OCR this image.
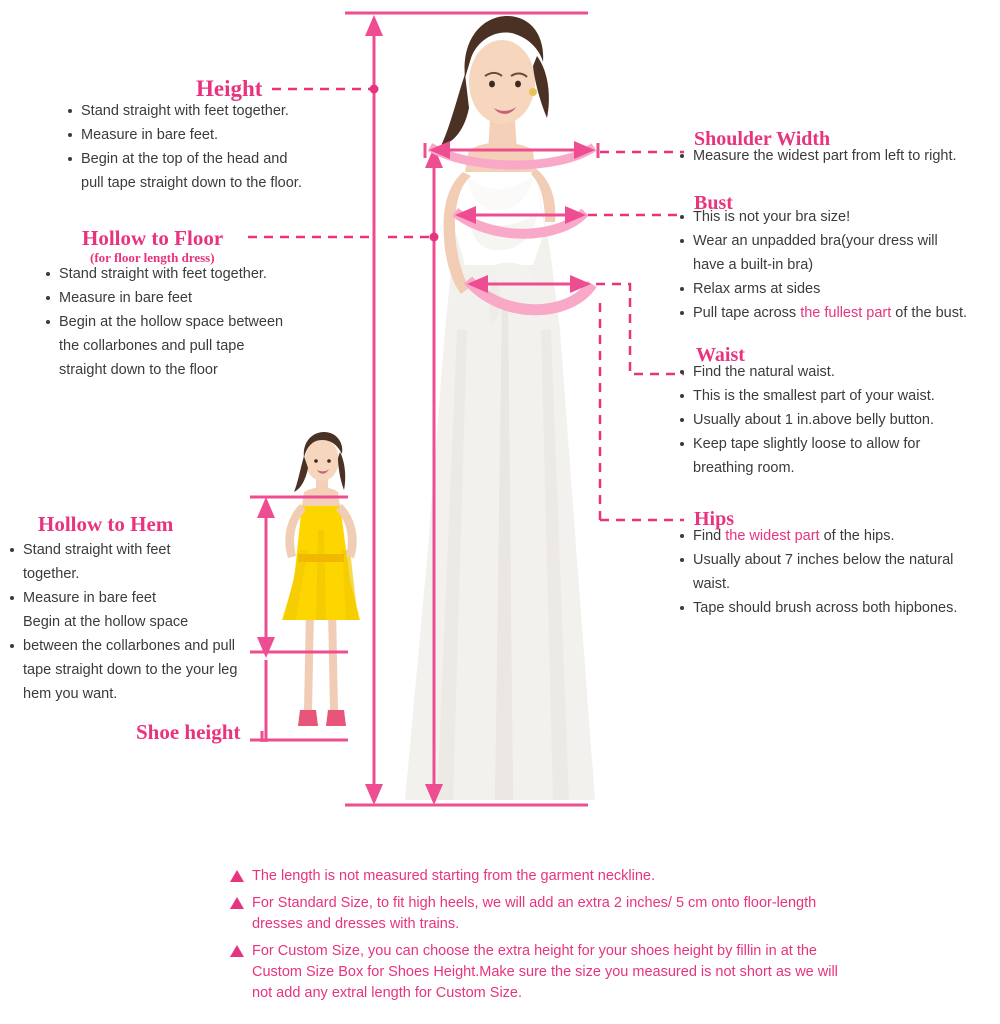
Height
Stand straight with feet together.
Measure in bare feet.
Begin at the top of the head and
pull tape straight down to the floor.
Hollow to Floor
(for floor length dress)
Stand straight with feet together.
Measure in bare feet
Begin at the hollow space between
the collarbones and pull tape
straight down to the floor
Hollow to Hem
Stand straight with feet
together.
Measure in bare feet
Begin at the hollow space
between the collarbones and pull
tape straight down to the your leg
hem you want.
Shoe height
Shoulder Width
Measure the widest part from left to right.
Bust
This is not your bra size!
Wear an unpadded bra(your dress will
have a built-in bra)
Relax arms at sides
Pull tape across the fullest part of the bust.
Waist
Find the natural waist.
This is the smallest part of your waist.
Usually about 1 in.above belly button.
Keep tape slightly loose to allow for
breathing room.
Hips
Find the widest part of the hips.
Usually about 7 inches below the natural
waist.
Tape should brush across both hipbones.
The length is not measured starting from the garment neckline.
For Standard Size, to fit high heels, we will add an extra 2 inches/ 5 cm onto floor-length dresses and dresses with trains.
For Custom Size, you can choose the extra height for your shoes height by fillin in at the Custom Size Box for Shoes Height.Make sure the size you measured is not short as we will not add any extral length for Custom Size.
